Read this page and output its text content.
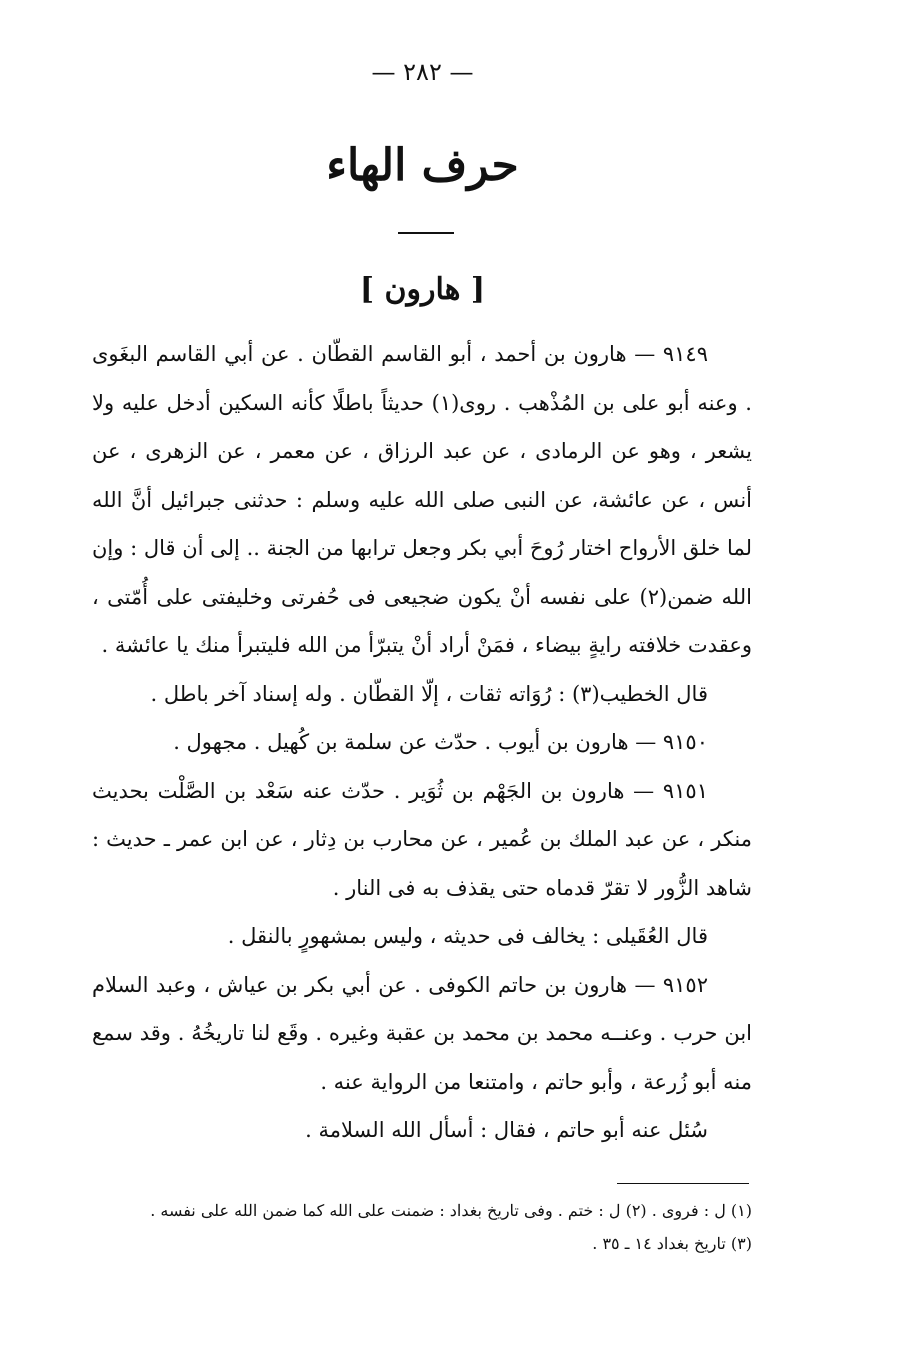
— ٢٨٢ —
حرف الهاء
[ هارون ]

٩١٤٩ — هارون بن أحمد ، أبو القاسم القطّان . عن أبي القاسم البغَوى . وعنه أبو على بن المُذْهب . روى(١) حديثاً باطلًا كأنه السكين أدخل عليه ولا يشعر ، وهو عن الرمادى ، عن عبد الرزاق ، عن معمر ، عن الزهرى ، عن أنس ، عن عائشة، عن النبى صلى الله عليه وسلم : حدثنى جبرائيل أنَّ الله لما خلق الأرواح اختار رُوحَ أبي بكر وجعل ترابها من الجنة .. إلى أن قال : وإن الله ضمن(٢) على نفسه أنْ يكون ضجيعى فى حُفرتى وخليفتى على أُمّتى ، وعقدت خلافته رايةٍ بيضاء ، فمَنْ أراد أنْ يتبرّأ من الله فليتبرأ منك يا عائشة .

قال الخطيب(٣) : رُوَاته ثقات ، إلّا القطّان . وله إسناد آخر باطل .

٩١٥٠ — هارون بن أيوب . حدّث عن سلمة بن كُهيل . مجهول .

٩١٥١ — هارون بن الجَهْم بن ثُوَير . حدّث عنه سَعْد بن الصَّلْت بحديث منكر ، عن عبد الملك بن عُمير ، عن محارب بن دِثار ، عن ابن عمر ـ حديث : شاهد الزُّور لا تقرّ قدماه حتى يقذف به فى النار .

قال العُقَيلى : يخالف فى حديثه ، وليس بمشهورٍ بالنقل .

٩١٥٢ — هارون بن حاتم الكوفى . عن أبي بكر بن عياش ، وعبد السلام ابن حرب . وعنــه محمد بن محمد بن عقبة وغيره . وقَع لنا تاريخُهُ . وقد سمع منه أبو زُرعة ، وأبو حاتم ، وامتنعا من الرواية عنه .

سُئل عنه أبو حاتم ، فقال : أسأل الله السلامة .

(١) ل : فروى . (٢) ل : ختم . وفى تاريخ بغداد : ضمنت على الله كما ضمن الله على نفسه .

(٣) تاريخ بغداد ١٤ ـ ٣٥ .
